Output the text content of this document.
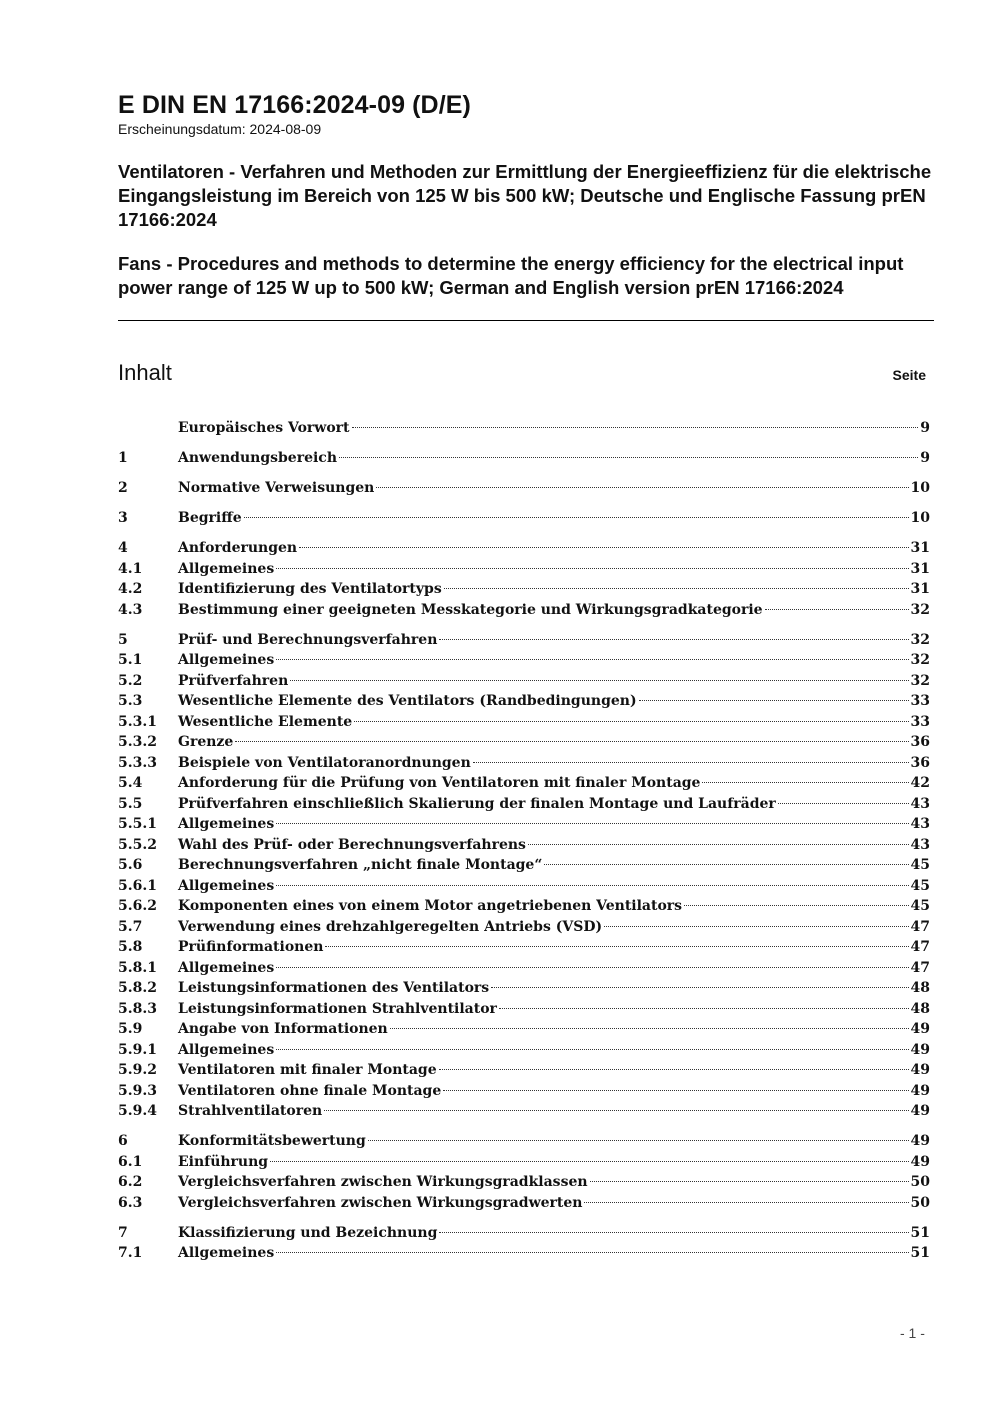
E DIN EN 17166:2024-09 (D/E)

Erscheinungsdatum: 2024-08-09

Ventilatoren - Verfahren und Methoden zur Ermittlung der Energieeffizienz für die elektrische Eingangsleistung im Bereich von 125 W bis 500 kW; Deutsche und Englische Fassung prEN 17166:2024

Fans - Procedures and methods to determine the energy efficiency for the electrical input power range of 125 W up to 500 kW; German and English version prEN 17166:2024

Inhalt	Seite
Europäisches Vorwort	9
1	Anwendungsbereich	9
2	Normative Verweisungen	10
3	Begriffe	10
4	Anforderungen	31
4.1	Allgemeines	31
4.2	Identifizierung des Ventilatortyps	31
4.3	Bestimmung einer geeigneten Messkategorie und Wirkungsgradkategorie	32
5	Prüf- und Berechnungsverfahren	32
5.1	Allgemeines	32
5.2	Prüfverfahren	32
5.3	Wesentliche Elemente des Ventilators (Randbedingungen)	33
5.3.1	Wesentliche Elemente	33
5.3.2	Grenze	36
5.3.3	Beispiele von Ventilatoranordnungen	36
5.4	Anforderung für die Prüfung von Ventilatoren mit finaler Montage	42
5.5	Prüfverfahren einschließlich Skalierung der finalen Montage und Laufräder	43
5.5.1	Allgemeines	43
5.5.2	Wahl des Prüf- oder Berechnungsverfahrens	43
5.6	Berechnungsverfahren „nicht finale Montage“	45
5.6.1	Allgemeines	45
5.6.2	Komponenten eines von einem Motor angetriebenen Ventilators	45
5.7	Verwendung eines drehzahlgeregelten Antriebs (VSD)	47
5.8	Prüfinformationen	47
5.8.1	Allgemeines	47
5.8.2	Leistungsinformationen des Ventilators	48
5.8.3	Leistungsinformationen Strahlventilator	48
5.9	Angabe von Informationen	49
5.9.1	Allgemeines	49
5.9.2	Ventilatoren mit finaler Montage	49
5.9.3	Ventilatoren ohne finale Montage	49
5.9.4	Strahlventilatoren	49
6	Konformitätsbewertung	49
6.1	Einführung	49
6.2	Vergleichsverfahren zwischen Wirkungsgradklassen	50
6.3	Vergleichsverfahren zwischen Wirkungsgradwerten	50
7	Klassifizierung und Bezeichnung	51
7.1	Allgemeines	51
- 1 -
